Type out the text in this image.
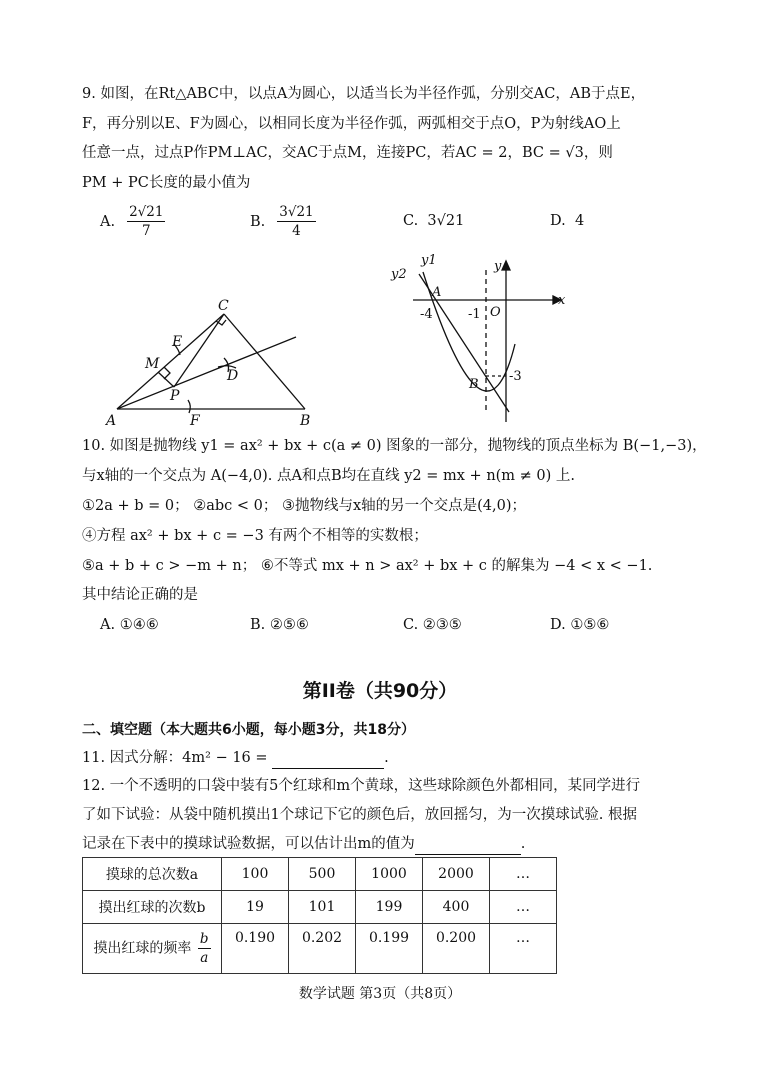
9. 如图，在Rt△ABC中，以点A为圆心，以适当长为半径作弧，分别交AC，AB于点E，
F，再分别以E、F为圆心，以相同长度为半径作弧，两弧相交于点O，P为射线AO上
任意一点，过点P作PM⊥AC，交AC于点M，连接PC，若AC = 2，BC = √3，则
PM + PC长度的最小值为
A. $\frac{2√21}{7}$	B. $\frac{3√21}{4}$	C.
3√21	D.
4
C
E
M
D
P
A	F	B
y2
y1	y
x
A
-4	-1 O
-3
B
10. 如图是抛物线 y1 = ax² + bx + c(a ≠ 0) 图象的一部分，抛物线的顶点坐标为 B(−1,−3)，
与x轴的一个交点为 A(−4,0). 点A和点B均在直线 y2 = mx + n(m ≠ 0) 上.
①2a + b = 0； ②abc < 0； ③抛物线与x轴的另一个交点是(4,0)；
④方程 ax² + bx + c = −3 有两个不相等的实数根；
⑤a + b + c > −m + n； ⑥不等式 mx + n > ax² + bx + c 的解集为 −4 < x < −1.
其中结论正确的是
A. ①④⑥	B. ②⑤⑥	C. ②③⑤	D. ①⑤⑥
第II卷（共90分）
二、填空题（本大题共6小题，每小题3分，共18分）
11. 因式分解：4m² − 16 =	.
12. 一个不透明的口袋中装有5个红球和m个黄球，这些球除颜色外都相同，某同学进行
了如下试验：从袋中随机摸出1个球记下它的颜色后，放回摇匀，为一次摸球试验. 根据
记录在下表中的摸球试验数据，可以估计出m的值为	.
摸球的总次数a	100	500	1000	2000	…
摸出红球的次数b	19	101	199	400	…
摸出红球的频率 $\frac{b}{a}$	0.190	0.202	0.199	0.200	…
数学试题 第3页（共8页）
